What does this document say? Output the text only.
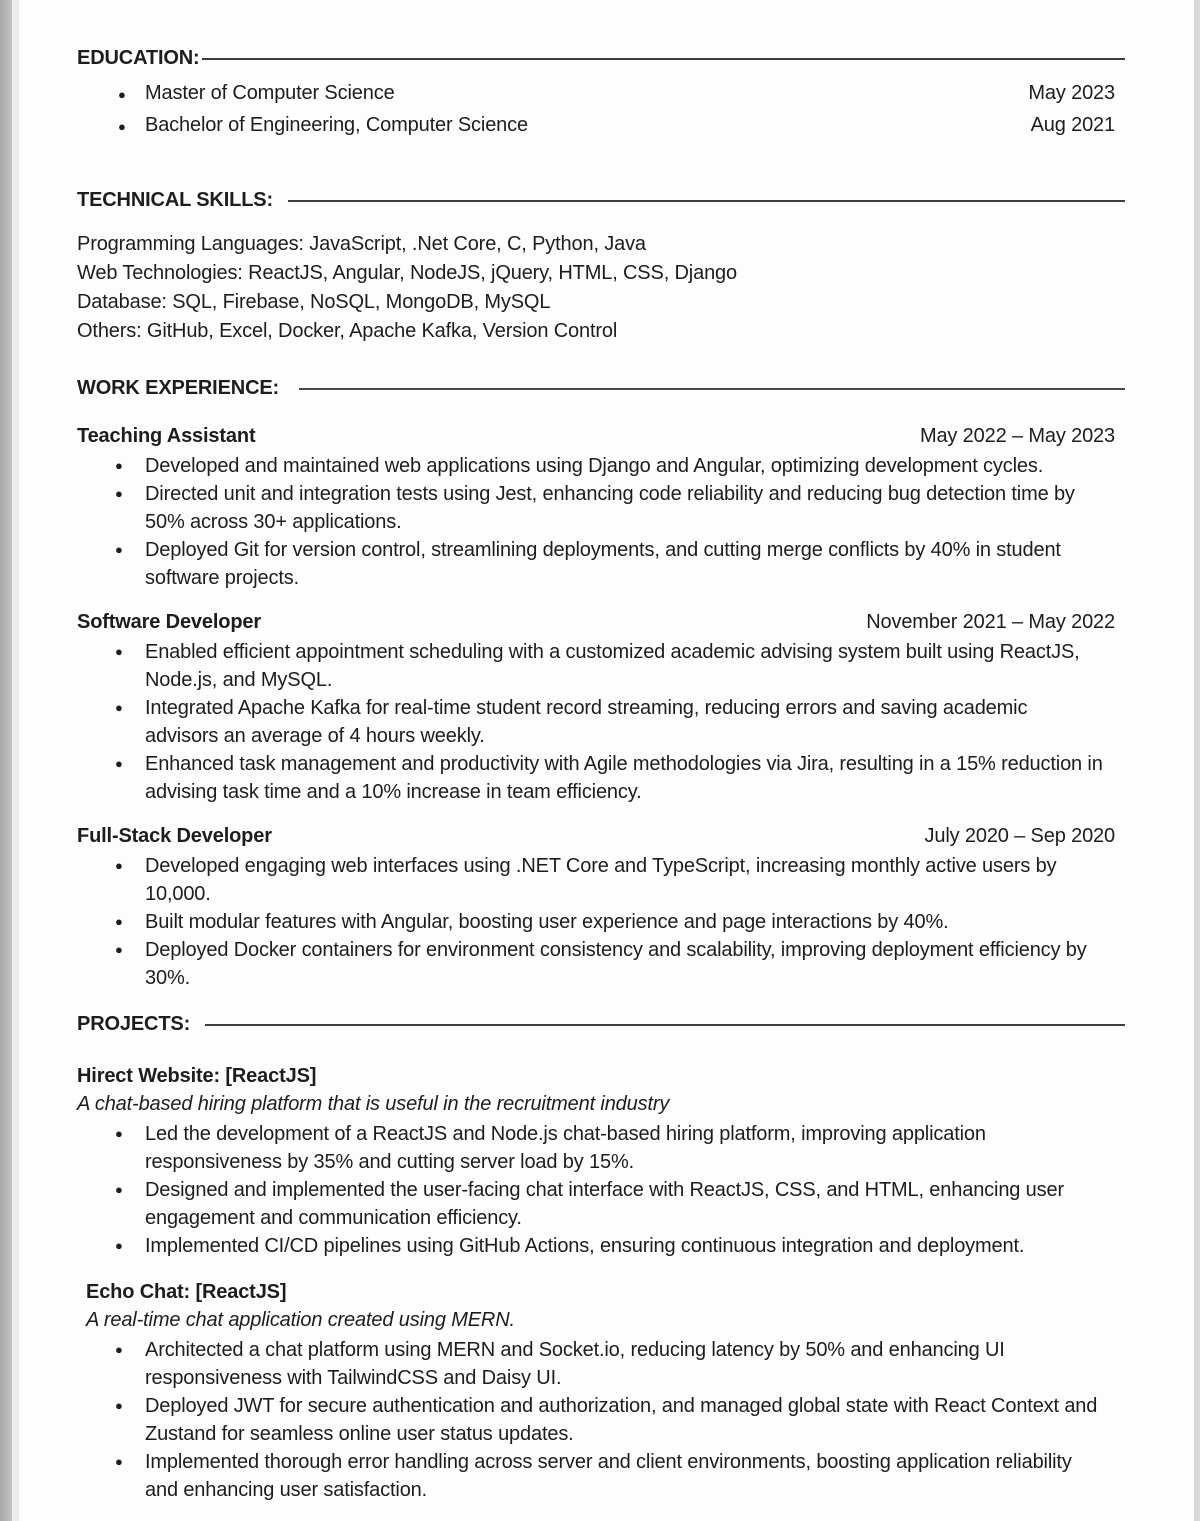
EDUCATION:
● Master of Computer Science	May 2023
● Bachelor of Engineering, Computer Science	Aug 2021
TECHNICAL SKILLS:
Programming Languages: JavaScript, .Net Core, C, Python, Java
Web Technologies: ReactJS, Angular, NodeJS, jQuery, HTML, CSS, Django
Database: SQL, Firebase, NoSQL, MongoDB, MySQL
Others: GitHub, Excel, Docker, Apache Kafka, Version Control
WORK EXPERIENCE:
Teaching Assistant	May 2022 – May 2023
● Developed and maintained web applications using Django and Angular, optimizing development cycles.
● Directed unit and integration tests using Jest, enhancing code reliability and reducing bug detection time by 50% across 30+ applications.
● Deployed Git for version control, streamlining deployments, and cutting merge conflicts by 40% in student software projects.
Software Developer	November 2021 – May 2022
● Enabled efficient appointment scheduling with a customized academic advising system built using ReactJS, Node.js, and MySQL.
● Integrated Apache Kafka for real-time student record streaming, reducing errors and saving academic advisors an average of 4 hours weekly.
● Enhanced task management and productivity with Agile methodologies via Jira, resulting in a 15% reduction in advising task time and a 10% increase in team efficiency.
Full-Stack Developer	July 2020 – Sep 2020
● Developed engaging web interfaces using .NET Core and TypeScript, increasing monthly active users by 10,000.
● Built modular features with Angular, boosting user experience and page interactions by 40%.
● Deployed Docker containers for environment consistency and scalability, improving deployment efficiency by 30%.
PROJECTS:
Hirect Website: [ReactJS]
A chat-based hiring platform that is useful in the recruitment industry
● Led the development of a ReactJS and Node.js chat-based hiring platform, improving application responsiveness by 35% and cutting server load by 15%.
● Designed and implemented the user-facing chat interface with ReactJS, CSS, and HTML, enhancing user engagement and communication efficiency.
● Implemented CI/CD pipelines using GitHub Actions, ensuring continuous integration and deployment.
Echo Chat: [ReactJS]
A real-time chat application created using MERN.
● Architected a chat platform using MERN and Socket.io, reducing latency by 50% and enhancing UI responsiveness with TailwindCSS and Daisy UI.
● Deployed JWT for secure authentication and authorization, and managed global state with React Context and Zustand for seamless online user status updates.
● Implemented thorough error handling across server and client environments, boosting application reliability and enhancing user satisfaction.
